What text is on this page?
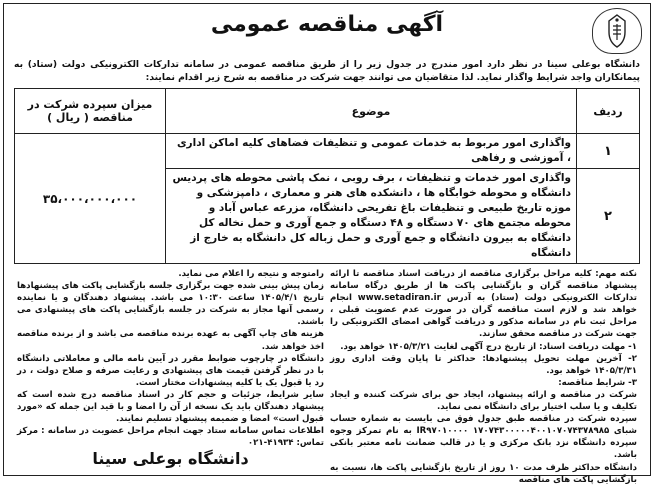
آگهی مناقصه عمومی
دانشگاه بوعلی سینا در نظر دارد امور مندرج در جدول زیر را از طریق مناقصه عمومی در سامانه تدارکات الکترونیکی دولت (ستاد) به پیمانکاران واجد شرایط واگذار نماید. لذا متقاضیان می توانند جهت شرکت در مناقصه به شرح زیر اقدام نمایند:
ردیف	موضوع	میزان سپرده شرکت در مناقصه ( ریال )
۱	واگذاری امور مربوط به خدمات عمومی و تنظیفات فضاهای کلیه اماکن اداری ، آموزشی و رفاهی	۳۵،۰۰۰،۰۰۰،۰۰۰
۲	واگذاری امور خدمات و تنظیفات ، برف روبی ، نمک پاشی محوطه های پردیس دانشگاه و محوطه خوابگاه ها ، دانشکده های هنر و معماری ، دامپزشکی و موزه تاریخ طبیعی و تنظیفات باغ تفریحی دانشگاه، مزرعه عباس آباد و محوطه مجتمع های ۷۰ دستگاه و ۴۸ دستگاه و جمع آوری و حمل نخاله کل دانشگاه به بیرون دانشگاه و جمع آوری و حمل زباله کل دانشگاه به خارج از دانشگاه	

نکته مهم: کلیه مراحل برگزاری مناقصه از دریافت اسناد مناقصه تا ارائه پیشنهاد مناقصه گران و بازگشایی پاکت ها از طریق درگاه سامانه تدارکات الکترونیکی دولت (ستاد) به آدرس www.setadiran.ir انجام خواهد شد و لازم است مناقصه گران در صورت عدم عضویت قبلی ، مراحل ثبت نام در سامانه مذکور و دریافت گواهی امضای الکترونیکی را جهت شرکت در مناقصه محقق سازند.

۱- مهلت دریافت اسناد: از تاریخ درج آگهی لغایت ۱۴۰۵/۳/۲۱ خواهد بود.

۲- آخرین مهلت تحویل پیشنهادها: حداکثر تا پایان وقت اداری روز ۱۴۰۵/۳/۳۱ خواهد بود.

۳- شرایط مناقصه:

شرکت در مناقصه و ارائه پیشنهاد، ایجاد حق برای شرکت کننده و ایجاد تکلیف و یا سلب اختیار برای دانشگاه نمی نماید.

سپرده شرکت در مناقصه طبق جدول فوق می بایست به شماره حساب شبای ۱۷۰۷۴۳۰۰۰۰۰۴۰۰۱۰۷۰۷۴۳۷۸۹۸۵ IR۹۷۰۱۰۰۰۰ به نام تمرکز وجوه سپرده دانشگاه نزد بانک مرکزی و یا در قالب ضمانت نامه معتبر بانکی باشد.

دانشگاه حداکثر ظرف مدت ۱۰ روز از تاریخ بازگشایی پاکت ها، نسبت به بازگشایی پاکت های مناقصه

رامتوجه و نتیجه را اعلام می نماید.

زمان پیش بینی شده جهت برگزاری جلسه بازگشایی پاکت های پیشنهادها تاریخ ۱۴۰۵/۴/۱ ساعت ۱۰:۳۰ می باشد. پیشنهاد دهندگان و یا نماینده رسمی آنها مجاز به شرکت در جلسه بازگشایی پاکت های پیشنهادی می باشند.

هزینه های چاپ آگهی به عهده برنده مناقصه می باشد و از برنده مناقصه اخذ خواهد شد.

دانشگاه در چارچوب ضوابط مقرر در آیین نامه مالی و معاملاتی دانشگاه با در نظر گرفتن قیمت های پیشنهادی و رعایت صرفه و صلاح دولت ، در رد یا قبول یک یا کلیه پیشنهادات مختار است.

سایر شرایط، جزئیات و حجم کار در اسناد مناقصه درج شده است که پیشنهاد دهندگان باید یک نسخه از آن را امضا و با قید این جمله که «مورد قبول است» امضا و ضمیمه پیشنهاد تسلیم نمایند.

اطلاعات تماس سامانه ستاد جهت انجام مراحل عضویت در سامانه : مرکز تماس: ۴۱۹۳۴-۰۲۱

دانشگاه بوعلی سینا
